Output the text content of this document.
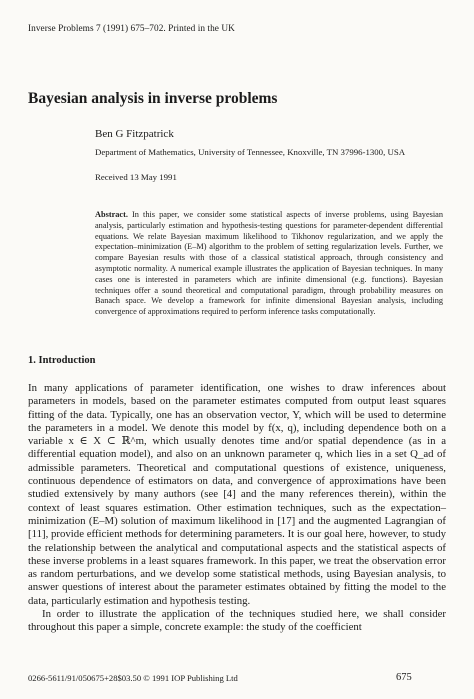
Inverse Problems 7 (1991) 675–702. Printed in the UK
Bayesian analysis in inverse problems
Ben G Fitzpatrick
Department of Mathematics, University of Tennessee, Knoxville, TN 37996-1300, USA
Received 13 May 1991
Abstract. In this paper, we consider some statistical aspects of inverse problems, using Bayesian analysis, particularly estimation and hypothesis-testing questions for parameter-dependent differential equations. We relate Bayesian maximum likelihood to Tikhonov regularization, and we apply the expectation–minimization (E–M) algorithm to the problem of setting regularization levels. Further, we compare Bayesian results with those of a classical statistical approach, through consistency and asymptotic normality. A numerical example illustrates the application of Bayesian techniques. In many cases one is interested in parameters which are infinite dimensional (e.g. functions). Bayesian techniques offer a sound theoretical and computational paradigm, through probability measures on Banach space. We develop a framework for infinite dimensional Bayesian analysis, including convergence of approximations required to perform inference tasks computationally.
1. Introduction

In many applications of parameter identification, one wishes to draw inferences about parameters in models, based on the parameter estimates computed from output least squares fitting of the data. Typically, one has an observation vector, Y, which will be used to determine the parameters in a model. We denote this model by f(x, q), including dependence both on a variable x ∈ X ⊂ ℝ^m, which usually denotes time and/or spatial dependence (as in a differential equation model), and also on an unknown parameter q, which lies in a set Q_ad of admissible parameters. Theoretical and computational questions of existence, uniqueness, continuous dependence of estimators on data, and convergence of approximations have been studied extensively by many authors (see [4] and the many references therein), within the context of least squares estimation. Other estimation techniques, such as the expectation–minimization (E–M) solution of maximum likelihood in [17] and the augmented Lagrangian of [11], provide efficient methods for determining parameters. It is our goal here, however, to study the relationship between the analytical and computational aspects and the statistical aspects of these inverse problems in a least squares framework. In this paper, we treat the observation error as random perturbations, and we develop some statistical methods, using Bayesian analysis, to answer questions of interest about the parameter estimates obtained by fitting the model to the data, particularly estimation and hypothesis testing.

In order to illustrate the application of the techniques studied here, we shall consider throughout this paper a simple, concrete example: the study of the coefficient

0266-5611/91/050675+28$03.50 © 1991 IOP Publishing Ltd	675
